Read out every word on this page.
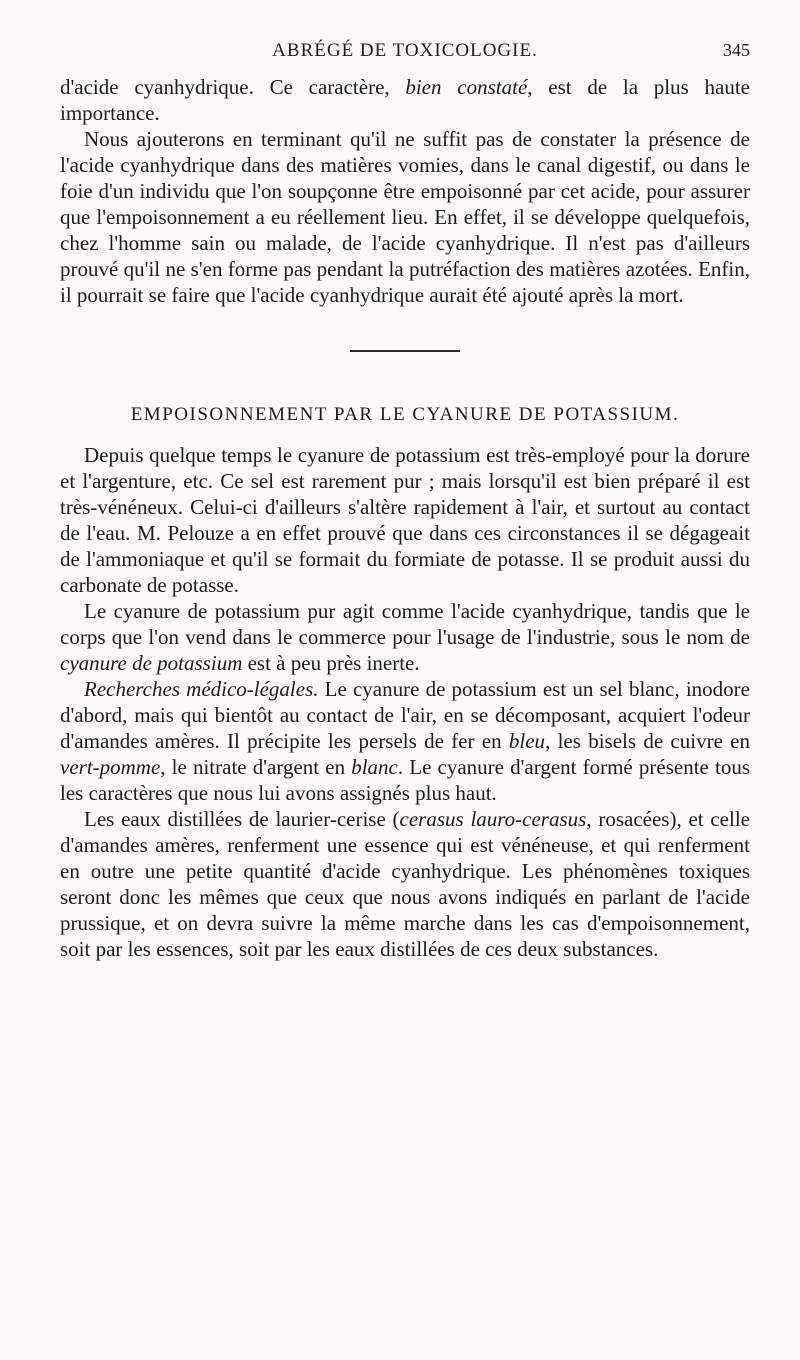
ABRÉGÉ DE TOXICOLOGIE.	345

d'acide cyanhydrique. Ce caractère, bien constaté, est de la plus haute importance.

Nous ajouterons en terminant qu'il ne suffit pas de constater la présence de l'acide cyanhydrique dans des matières vomies, dans le canal digestif, ou dans le foie d'un individu que l'on soupçonne être empoisonné par cet acide, pour assurer que l'empoisonnement a eu réellement lieu. En effet, il se développe quelquefois, chez l'homme sain ou malade, de l'acide cyanhydrique. Il n'est pas d'ailleurs prouvé qu'il ne s'en forme pas pendant la putréfaction des matières azotées. Enfin, il pourrait se faire que l'acide cyanhydrique aurait été ajouté après la mort.

EMPOISONNEMENT PAR LE CYANURE DE POTASSIUM.

Depuis quelque temps le cyanure de potassium est très-employé pour la dorure et l'argenture, etc. Ce sel est rarement pur ; mais lorsqu'il est bien préparé il est très-vénéneux. Celui-ci d'ailleurs s'altère rapidement à l'air, et surtout au contact de l'eau. M. Pelouze a en effet prouvé que dans ces circonstances il se dégageait de l'ammoniaque et qu'il se formait du formiate de potasse. Il se produit aussi du carbonate de potasse.

Le cyanure de potassium pur agit comme l'acide cyanhydrique, tandis que le corps que l'on vend dans le commerce pour l'usage de l'industrie, sous le nom de cyanure de potassium est à peu près inerte.

Recherches médico-légales. Le cyanure de potassium est un sel blanc, inodore d'abord, mais qui bientôt au contact de l'air, en se décomposant, acquiert l'odeur d'amandes amères. Il précipite les persels de fer en bleu, les bisels de cuivre en vert-pomme, le nitrate d'argent en blanc. Le cyanure d'argent formé présente tous les caractères que nous lui avons assignés plus haut.

Les eaux distillées de laurier-cerise (cerasus lauro-cerasus, rosacées), et celle d'amandes amères, renferment une essence qui est vénéneuse, et qui renferment en outre une petite quantité d'acide cyanhydrique. Les phénomènes toxiques seront donc les mêmes que ceux que nous avons indiqués en parlant de l'acide prussique, et on devra suivre la même marche dans les cas d'empoisonnement, soit par les essences, soit par les eaux distillées de ces deux substances.
